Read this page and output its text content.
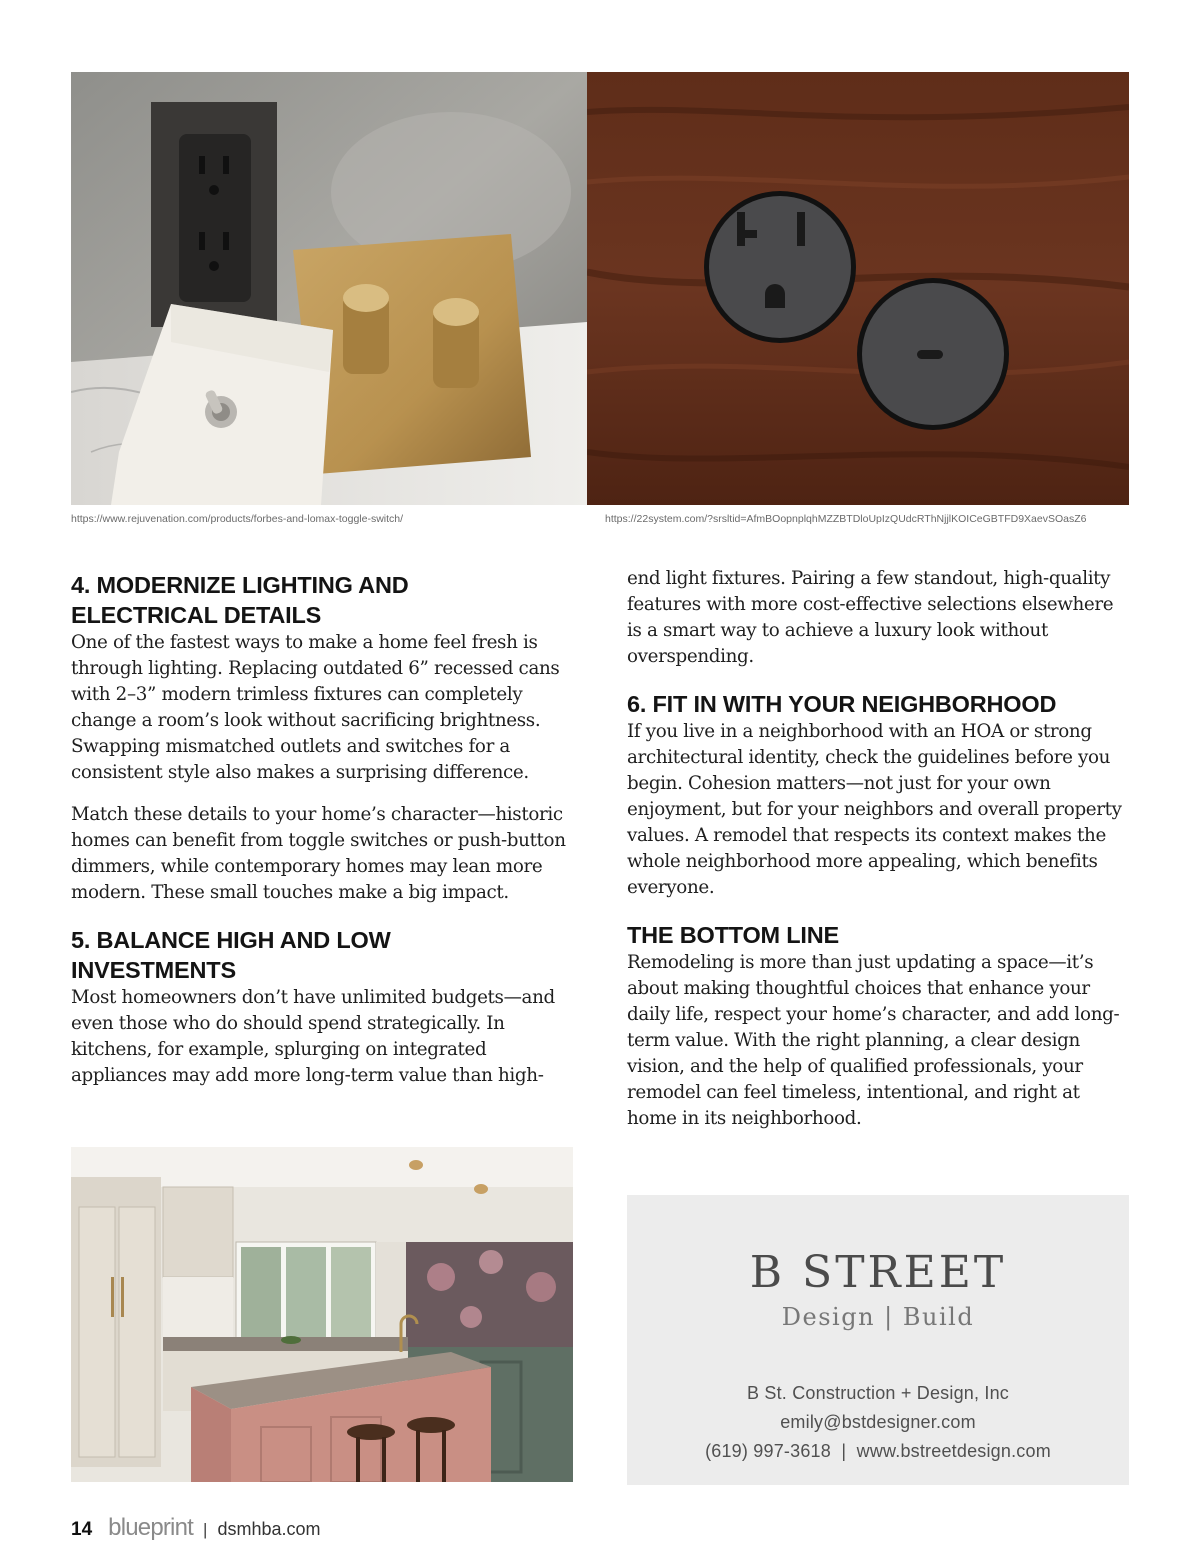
https://www.rejuvenation.com/products/forbes-and-lomax-toggle-switch/	https://22system.com/?srsltid=AfmBOopnplqhMZZBTDloUpIzQUdcRThNjjlKOICeGBTFD9XaevSOasZ6
4. MODERNIZE LIGHTING AND
ELECTRICAL DETAILS

One of the fastest ways to make a home feel fresh is through lighting. Replacing outdated 6” recessed cans with 2–3” modern trimless fixtures can completely change a room’s look without sacrificing brightness. Swapping mismatched outlets and switches for a consistent style also makes a surprising difference.

Match these details to your home’s character—historic homes can benefit from toggle switches or push-button dimmers, while contemporary homes may lean more modern. These small touches make a big impact.

5. BALANCE HIGH AND LOW
INVESTMENTS

Most homeowners don’t have unlimited budgets—and even those who do should spend strategically. In kitchens, for example, splurging on integrated appliances may add more long-term value than high-

end light fixtures. Pairing a few standout, high-quality features with more cost-effective selections elsewhere is a smart way to achieve a luxury look without overspending.

6. FIT IN WITH YOUR NEIGHBORHOOD

If you live in a neighborhood with an HOA or strong architectural identity, check the guidelines before you begin. Cohesion matters—not just for your own enjoyment, but for your neighbors and overall property values. A remodel that respects its context makes the whole neighborhood more appealing, which benefits everyone.

THE BOTTOM LINE

Remodeling is more than just updating a space—it’s about making thoughtful choices that enhance your daily life, respect your home’s character, and add long-term value. With the right planning, a clear design vision, and the help of qualified professionals, your remodel can feel timeless, intentional, and right at home in its neighborhood.

B STREET
Design | Build
B St. Construction + Design, Inc
emily@bstdesigner.com
(619) 997-3618  |  www.bstreetdesign.com
14 blueprint | dsmhba.com
